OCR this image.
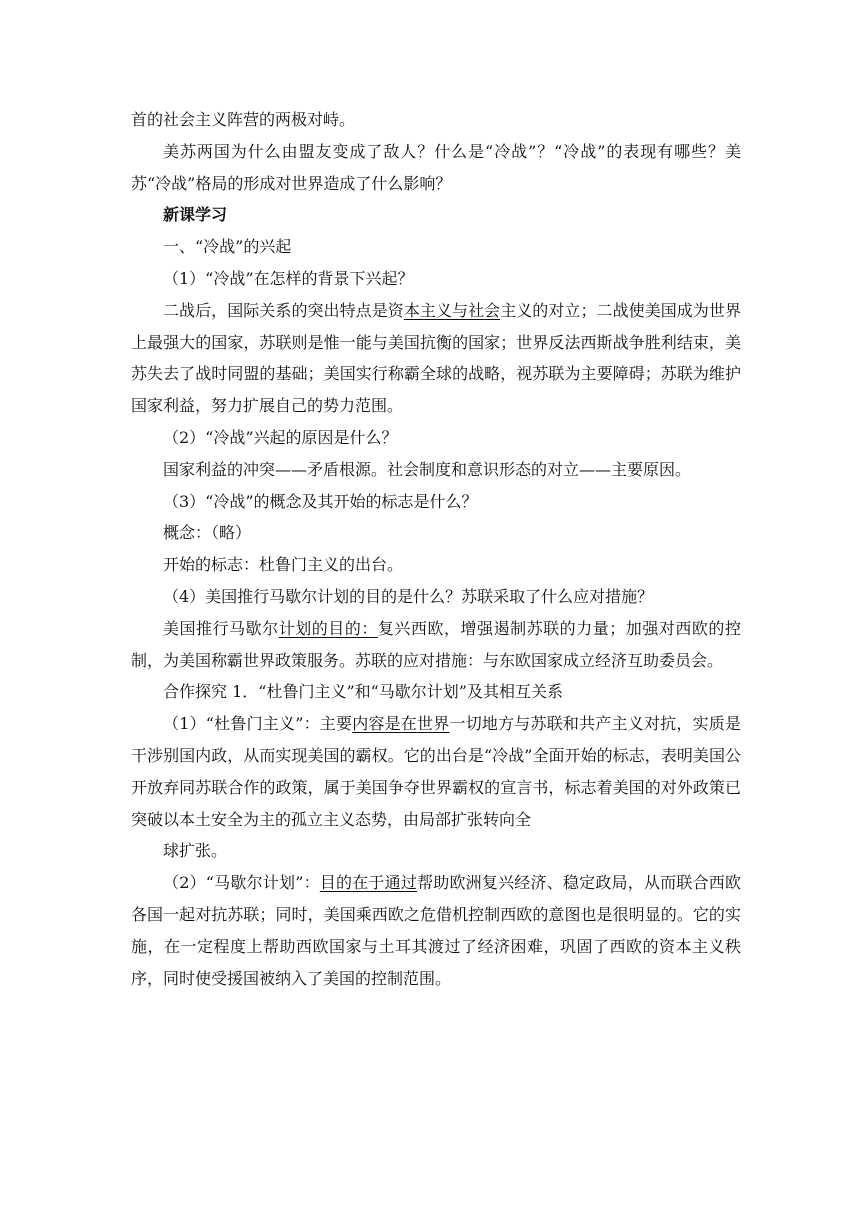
首的社会主义阵营的两极对峙。

美苏两国为什么由盟友变成了敌人？什么是“冷战”？“冷战”的表现有哪些？美苏“冷战”格局的形成对世界造成了什么影响？

新课学习

一、“冷战”的兴起

（1）“冷战”在怎样的背景下兴起？

二战后，国际关系的突出特点是资本主义与社会主义的对立；二战使美国成为世界上最强大的国家，苏联则是惟一能与美国抗衡的国家；世界反法西斯战争胜利结束，美苏失去了战时同盟的基础；美国实行称霸全球的战略，视苏联为主要障碍；苏联为维护国家利益，努力扩展自己的势力范围。

（2）“冷战”兴起的原因是什么？

国家利益的冲突——矛盾根源。社会制度和意识形态的对立——主要原因。

（3）“冷战”的概念及其开始的标志是什么？

概念：（略）

开始的标志：杜鲁门主义的出台。

（4）美国推行马歇尔计划的目的是什么？苏联采取了什么应对措施？

美国推行马歇尔计划的目的：复兴西欧，增强遏制苏联的力量；加强对西欧的控制，为美国称霸世界政策服务。苏联的应对措施：与东欧国家成立经济互助委员会。

合作探究 1．“杜鲁门主义”和“马歇尔计划”及其相互关系

（1）“杜鲁门主义”：主要内容是在世界一切地方与苏联和共产主义对抗，实质是干涉别国内政，从而实现美国的霸权。它的出台是“冷战”全面开始的标志，表明美国公开放弃同苏联合作的政策，属于美国争夺世界霸权的宣言书，标志着美国的对外政策已突破以本土安全为主的孤立主义态势，由局部扩张转向全

球扩张。

（2）“马歇尔计划”：目的在于通过帮助欧洲复兴经济、稳定政局，从而联合西欧各国一起对抗苏联；同时，美国乘西欧之危借机控制西欧的意图也是很明显的。它的实施，在一定程度上帮助西欧国家与土耳其渡过了经济困难，巩固了西欧的资本主义秩序，同时使受援国被纳入了美国的控制范围。
